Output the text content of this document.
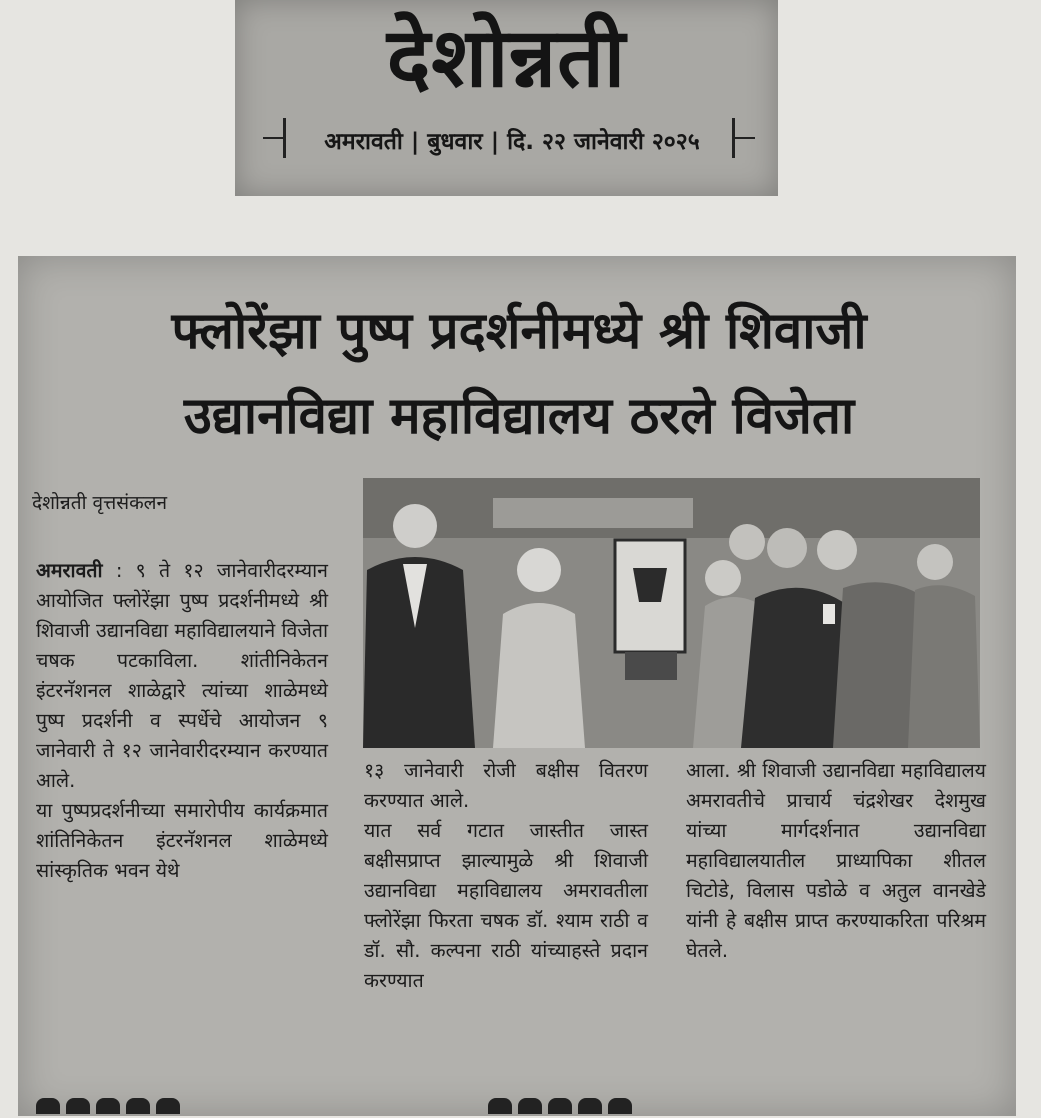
देशोन्नती
अमरावती | बुधवार | दि. २२ जानेवारी २०२५
फ्लोरेंझा पुष्प प्रदर्शनीमध्ये श्री शिवाजी
उद्यानविद्या महाविद्यालय ठरले विजेता
देशोन्नती वृत्तसंकलन

अमरावती : ९ ते १२ जानेवारीदरम्यान आयोजित फ्लोरेंझा पुष्प प्रदर्शनीमध्ये श्री शिवाजी उद्यानविद्या महाविद्यालयाने विजेता चषक पटकाविला. शांतीनिकेतन इंटरनॅशनल शाळेद्वारे त्यांच्या शाळेमध्ये पुष्प प्रदर्शनी व स्पर्धेचे आयोजन ९ जानेवारी ते १२ जानेवारीदरम्यान करण्यात आले.

या पुष्पप्रदर्शनीच्या समारोपीय कार्यक्रमात शांतिनिकेतन इंटरनॅशनल शाळेमध्ये सांस्कृतिक भवन येथे

१३ जानेवारी रोजी बक्षीस वितरण करण्यात आले.

यात सर्व गटात जास्तीत जास्त बक्षीसप्राप्त झाल्यामुळे श्री शिवाजी उद्यानविद्या महाविद्यालय अमरावतीला फ्लोरेंझा फिरता चषक डॉ. श्याम राठी व डॉ. सौ. कल्पना राठी यांच्याहस्ते प्रदान करण्यात

आला. श्री शिवाजी उद्यानविद्या महाविद्यालय अमरावतीचे प्राचार्य चंद्रशेखर देशमुख यांच्या मार्गदर्शनात उद्यानविद्या महाविद्यालयातील प्राध्यापिका शीतल चिटोडे, विलास पडोळे व अतुल वानखेडे यांनी हे बक्षीस प्राप्त करण्याकरिता परिश्रम घेतले.
